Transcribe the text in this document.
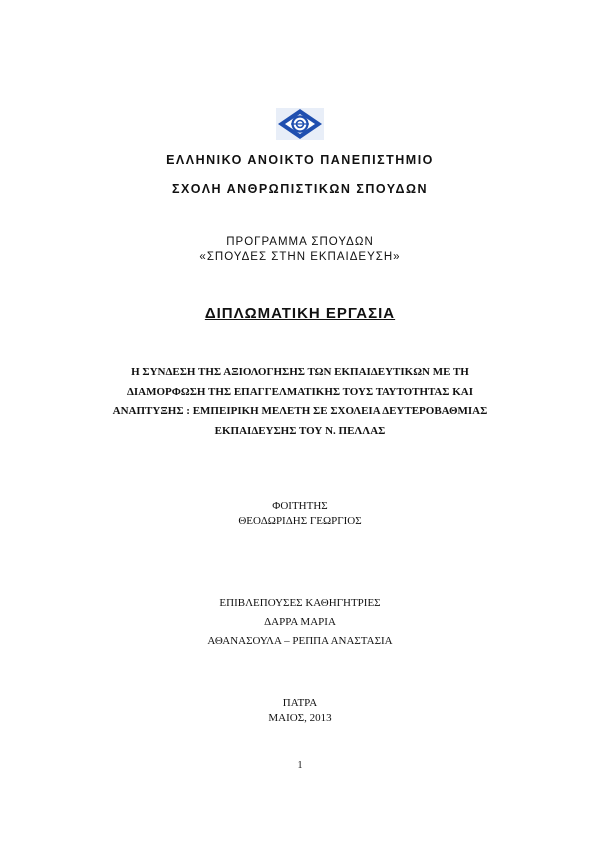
ΕΛΛΗΝΙΚΟ ΑΝΟΙΚΤΟ ΠΑΝΕΠΙΣΤΗΜΙΟ
ΣΧΟΛΗ ΑΝΘΡΩΠΙΣΤΙΚΩΝ ΣΠΟΥΔΩΝ
ΠΡΟΓΡΑΜΜΑ ΣΠΟΥΔΩΝ
«ΣΠΟΥΔΕΣ ΣΤΗΝ ΕΚΠΑΙΔΕΥΣΗ»
ΔΙΠΛΩΜΑΤΙΚΗ ΕΡΓΑΣΙΑ
Η ΣΥΝΔΕΣΗ ΤΗΣ ΑΞΙΟΛΟΓΗΣΗΣ ΤΩΝ ΕΚΠΑΙΔΕΥΤΙΚΩΝ ΜΕ ΤΗ
ΔΙΑΜΟΡΦΩΣΗ ΤΗΣ ΕΠΑΓΓΕΛΜΑΤΙΚΗΣ ΤΟΥΣ ΤΑΥΤΟΤΗΤΑΣ ΚΑΙ
ΑΝΑΠΤΥΞΗΣ : ΕΜΠΕΙΡΙΚΗ ΜΕΛΕΤΗ ΣΕ ΣΧΟΛΕΙΑ ΔΕΥΤΕΡΟΒΑΘΜΙΑΣ
ΕΚΠΑΙΔΕΥΣΗΣ ΤΟΥ Ν. ΠΕΛΛΑΣ
ΦΟΙΤΗΤΗΣ
ΘΕΟΔΩΡΙΔΗΣ ΓΕΩΡΓΙΟΣ
ΕΠΙΒΛΕΠΟΥΣΕΣ ΚΑΘΗΓΗΤΡΙΕΣ
ΔΑΡΡΑ ΜΑΡΙΑ
ΑΘΑΝΑΣΟΥΛΑ – ΡΕΠΠΑ ΑΝΑΣΤΑΣΙΑ
ΠΑΤΡΑ
ΜΑΙΟΣ, 2013
1
